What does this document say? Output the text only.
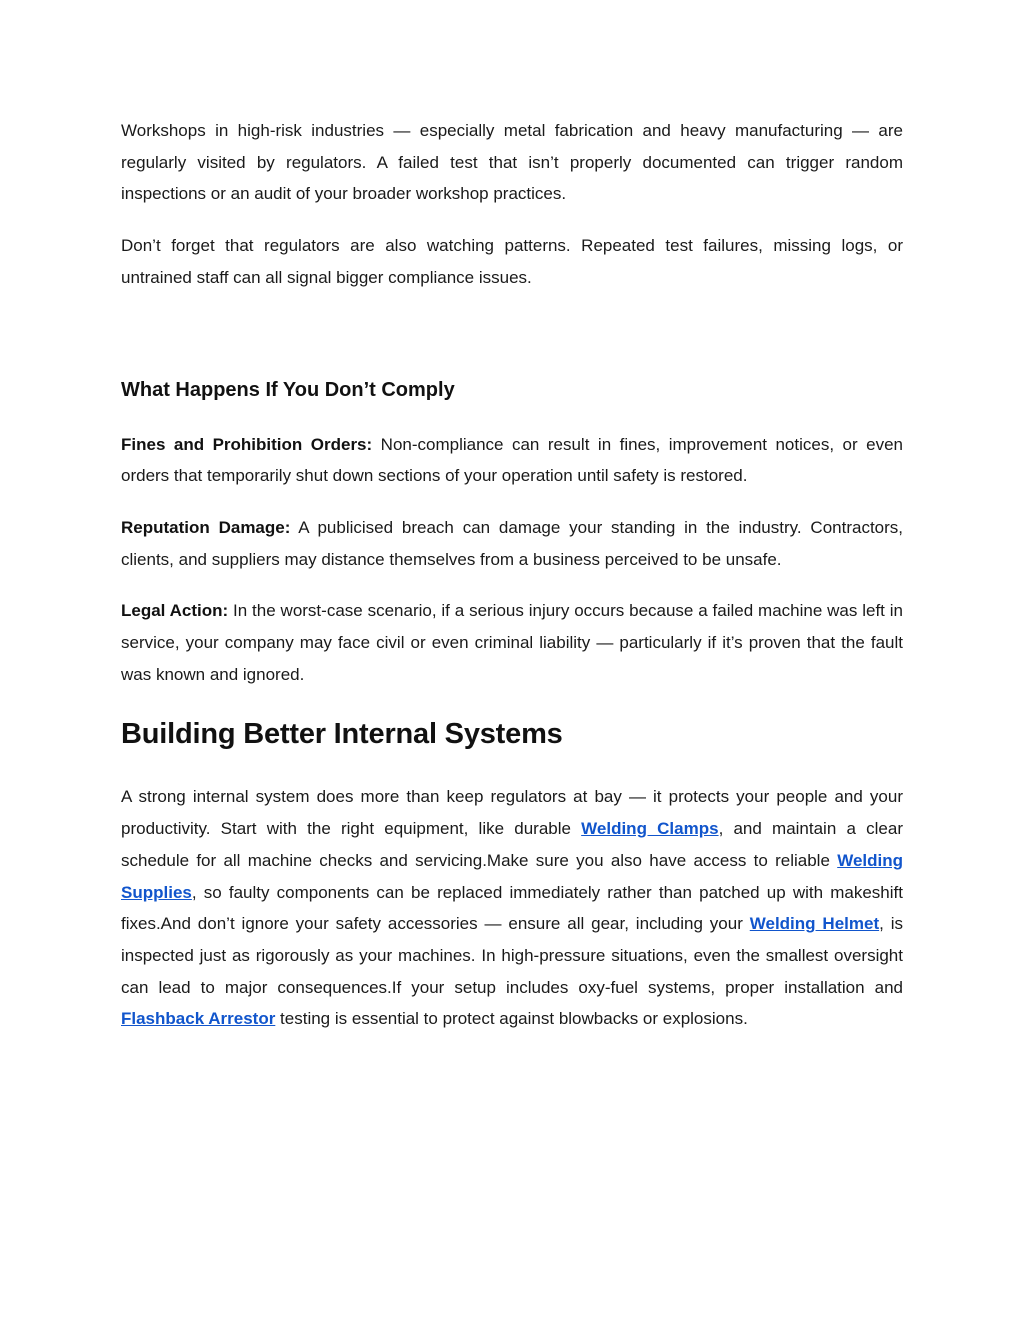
Workshops in high-risk industries — especially metal fabrication and heavy manufacturing — are regularly visited by regulators. A failed test that isn’t properly documented can trigger random inspections or an audit of your broader workshop practices.

Don’t forget that regulators are also watching patterns. Repeated test failures, missing logs, or untrained staff can all signal bigger compliance issues.

What Happens If You Don’t Comply

Fines and Prohibition Orders: Non-compliance can result in fines, improvement notices, or even orders that temporarily shut down sections of your operation until safety is restored.

Reputation Damage: A publicised breach can damage your standing in the industry. Contractors, clients, and suppliers may distance themselves from a business perceived to be unsafe.

Legal Action: In the worst-case scenario, if a serious injury occurs because a failed machine was left in service, your company may face civil or even criminal liability — particularly if it’s proven that the fault was known and ignored.

Building Better Internal Systems

A strong internal system does more than keep regulators at bay — it protects your people and your productivity. Start with the right equipment, like durable Welding Clamps, and maintain a clear schedule for all machine checks and servicing.Make sure you also have access to reliable Welding Supplies, so faulty components can be replaced immediately rather than patched up with makeshift fixes.And don’t ignore your safety accessories — ensure all gear, including your Welding Helmet, is inspected just as rigorously as your machines. In high-pressure situations, even the smallest oversight can lead to major consequences.If your setup includes oxy-fuel systems, proper installation and Flashback Arrestor testing is essential to protect against blowbacks or explosions.
